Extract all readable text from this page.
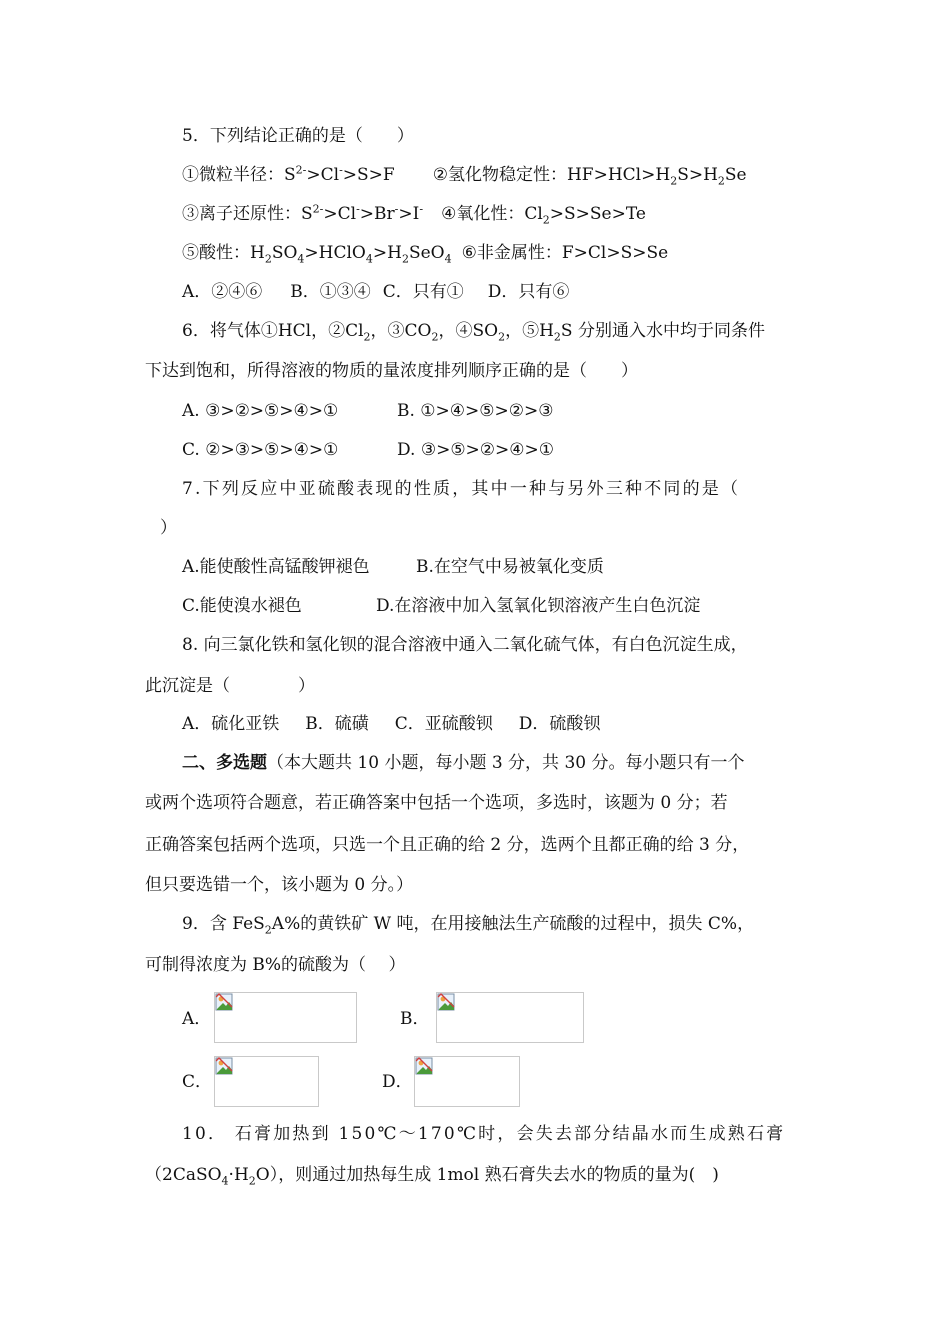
5．下列结论正确的是（　　）
①微粒半径：$S^{2-}>Cl^->S>F$ ②氢化物稳定性：$HF>HCl>H_2S>H_2Se$
③离子还原性：$S^{2-}>Cl^->Br^->I^-$ ④氧化性：$Cl_2>S>Se>Te$
⑤酸性：$H_2SO_4>HClO_4>H_2SeO_4$ ⑥非金属性：F>Cl>S>Se
A．②④⑥ B．①③④ C．只有① D．只有⑥
6．将气体①HCl，$②Cl_2$，$③CO_2$，$④SO_2$，$⑤H_2S$ 分别通入水中均于同条件
下达到饱和，所得溶液的物质的量浓度排列顺序正确的是（　　）
A. ③>②>⑤>④>①	B. ①>④>⑤>②>③
C. ②>③>⑤>④>①	D. ③>⑤>②>④>①
7.下列反应中亚硫酸表现的性质，其中一种与另外三种不同的是（
）
A.能使酸性高锰酸钾褪色	B.在空气中易被氧化变质
C.能使溴水褪色	D.在溶液中加入氢氧化钡溶液产生白色沉淀
8. 向三氯化铁和氢化钡的混合溶液中通入二氧化硫气体，有白色沉淀生成，
此沉淀是（　　　　）
A．硫化亚铁 B．硫磺 C．亚硫酸钡 D．硫酸钡
二、多选题（本大题共 10 小题，每小题 3 分，共 30 分。每小题只有一个
或两个选项符合题意，若正确答案中包括一个选项，多选时，该题为 0 分；若
正确答案包括两个选项，只选一个且正确的给 2 分，选两个且都正确的给 3 分，
但只要选错一个，该小题为 0 分。）
9．含 FeS$_2$A%的黄铁矿 W 吨，在用接触法生产硫酸的过程中，损失 C%，
可制得浓度为 B%的硫酸为（　 ）
A．	B．
C．	D．
10． 石膏加热到 150℃～170℃时，会失去部分结晶水而生成熟石膏
$(2CaSO_4\cdot H_2O)$，则通过加热每生成 1mol 熟石膏失去水的物质的量为(　)
